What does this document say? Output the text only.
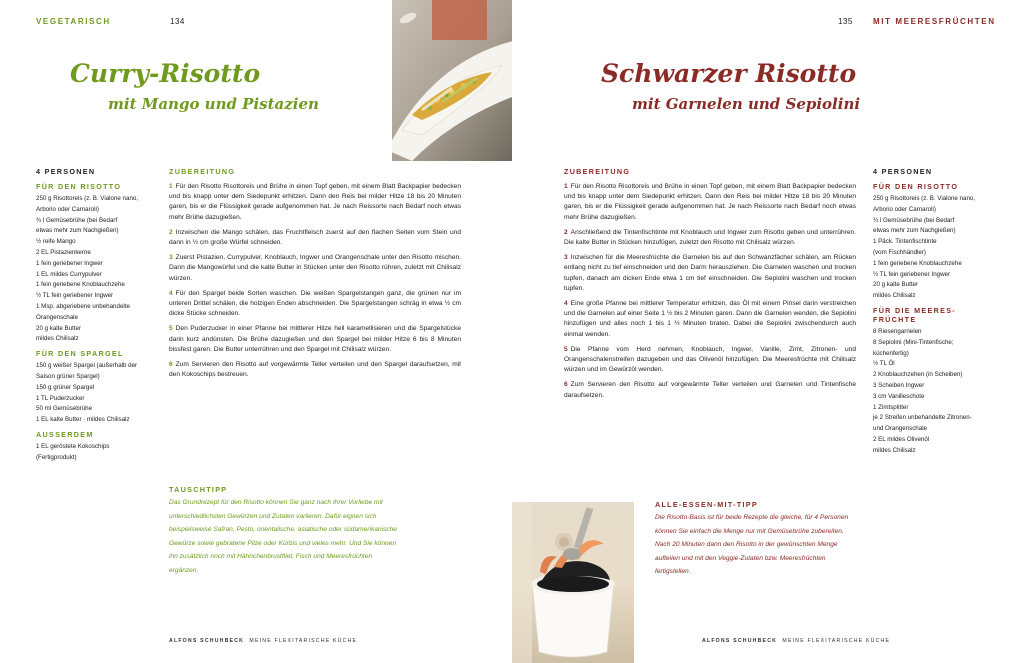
VEGETARISCH	134
Curry-Risotto
mit Mango und Pistazien
4 PERSONEN
FÜR DEN RISOTTO
250 g Risottoreis (z. B. Vialone nano,
Arborio oder Carnaroli)
¾ l Gemüsebrühe (bei Bedarf
etwas mehr zum Nachgießen)
½ reife Mango
2 EL Pistazienkerne
1 fein geriebener Ingwer
1 EL mildes Currypulver
1 fein geriebene Knoblauchzehe
½ TL fein geriebener Ingwer
1 Msp. abgeriebene unbehandelte
Orangenschale
20 g kalte Butter
mildes Chilisalz
FÜR DEN SPARGEL
150 g weißer Spargel (außerhalb der
Saison grüner Spargel)
150 g grüner Spargel
1 TL Puderzucker
50 ml Gemüsebrühe
1 EL kalte Butter · mildes Chilisalz
AUSSERDEM
1 EL geröstete Kokoschips
(Fertigprodukt)
ZUBEREITUNG
1 Für den Risotto Risottoreis und Brühe in einen Topf geben, mit einem Blatt Backpapier bedecken und bis knapp unter dem Siedepunkt erhitzen. Dann den Reis bei milder Hitze 18 bis 20 Minuten garen, bis er die Flüssigkeit gerade aufgenommen hat. Je nach Reissorte nach Bedarf noch etwas mehr Brühe dazugießen.
2 Inzwischen die Mango schälen, das Fruchtfleisch zuerst auf den flachen Seiten vom Stein und dann in ½ cm große Würfel schneiden.
3 Zuerst Pistazien, Currypulver, Knoblauch, Ingwer und Orangenschale unter den Risotto mischen. Dann die Mangowürfel und die kalte Butter in Stücken unter den Risotto rühren, zuletzt mit Chilisalz würzen.
4 Für den Spargel beide Sorten waschen. Die weißen Spargelstangen ganz, die grünen nur im unteren Drittel schälen, die holzigen Enden abschneiden. Die Spargelstangen schräg in etwa ½ cm dicke Stücke schneiden.
5 Den Puderzucker in einer Pfanne bei mittlerer Hitze hell karamellisieren und die Spargelstücke darin kurz andünsten. Die Brühe dazugießen und den Spargel bei milder Hitze 6 bis 8 Minuten bissfest garen. Die Butter unterrühren und den Spargel mit Chilisalz würzen.
6 Zum Servieren den Risotto auf vorgewärmte Teller verteilen und den Spargel daraufsetzen, mit den Kokoschips bestreuen.
TAUSCHTIPP
Das Grundrezept für den Risotto können Sie ganz nach Ihrer Vorliebe mit unterschiedlichsten Gewürzen und Zutaten variieren. Dafür eignen sich beispielsweise Safran, Pesto, orientalische, asiatische oder südamerikanische Gewürze sowie gebratene Pilze oder Kürbis und vieles mehr. Und Sie können ihn zusätzlich noch mit Hähnchenbrustfilet, Fisch und Meeresfrüchten ergänzen.
ALFONS SCHUHBECK MEINE FLEXITARISCHE KÜCHE
135	MIT MEERESFRÜCHTEN
Schwarzer Risotto
mit Garnelen und Sepiolini
ZUBEREITUNG
1 Für den Risotto Risottoreis und Brühe in einen Topf geben, mit einem Blatt Backpapier bedecken und bis knapp unter dem Siedepunkt erhitzen. Dann den Reis bei milder Hitze 18 bis 20 Minuten garen, bis er die Flüssigkeit gerade aufgenommen hat. Je nach Reissorte nach Bedarf noch etwas mehr Brühe dazugießen.
2 Anschließend die Tintenfischtinte mit Knoblauch und Ingwer zum Risotto geben und unterrühren. Die kalte Butter in Stücken hinzufügen, zuletzt den Risotto mit Chilisalz würzen.
3 Inzwischen für die Meeresfrüchte die Garnelen bis auf den Schwanzfächer schälen, am Rücken entlang nicht zu tief einschneiden und den Darm herausziehen. Die Garnelen waschen und trocken tupfen, danach am dicken Ende etwa 1 cm tief einschneiden. Die Sepiolini waschen und trocken tupfen.
4 Eine große Pfanne bei mittlerer Temperatur erhitzen, das Öl mit einem Pinsel darin verstreichen und die Garnelen auf einer Seite 1 ½ bis 2 Minuten garen. Dann die Garnelen wenden, die Sepiolini hinzufügen und alles noch 1 bis 1 ½ Minuten braten. Dabei die Sepiolini zwischendurch auch einmal wenden.
5 Die Pfanne vom Herd nehmen, Knoblauch, Ingwer, Vanille, Zimt, Zitronen- und Orangenschalenstreifen dazugeben und das Olivenöl hinzufügen. Die Meeresfrüchte mit Chilisalz würzen und im Gewürzöl wenden.
6 Zum Servieren den Risotto auf vorgewärmte Teller verteilen und Garnelen und Tintenfische daraufsetzen.
4 PERSONEN
FÜR DEN RISOTTO
250 g Risottoreis (z. B. Vialone nano,
Arborio oder Carnaroli)
¾ l Gemüsebrühe (bei Bedarf
etwas mehr zum Nachgießen)
1 Päck. Tintenfischtinte
(vom Fischhändler)
1 fein geriebene Knoblauchzehe
½ TL fein geriebener Ingwer
20 g kalte Butter
mildes Chilisalz
FÜR DIE MEERES-
FRÜCHTE
8 Riesengarnelen
8 Sepiolini (Mini-Tintenfische;
küchenfertig)
½ TL Öl
2 Knoblauchzehen (in Scheiben)
3 Scheiben Ingwer
3 cm Vanilleschote
1 Zimtsplitter
je 2 Streifen unbehandelte Zitronen-
und Orangenschale
2 EL mildes Olivenöl
mildes Chilisalz
ALLE-ESSEN-MIT-TIPP
Die Risotto-Basis ist für beide Rezepte die gleiche, für 4 Personen können Sie einfach die Menge nur mit Gemüsebrühe zubereiten. Nach 20 Minuten dann den Risotto in der gewünschten Menge aufteilen und mit den Veggie-Zutaten bzw. Meeresfrüchten fertigstellen.
ALFONS SCHUHBECK MEINE FLEXITARISCHE KÜCHE
